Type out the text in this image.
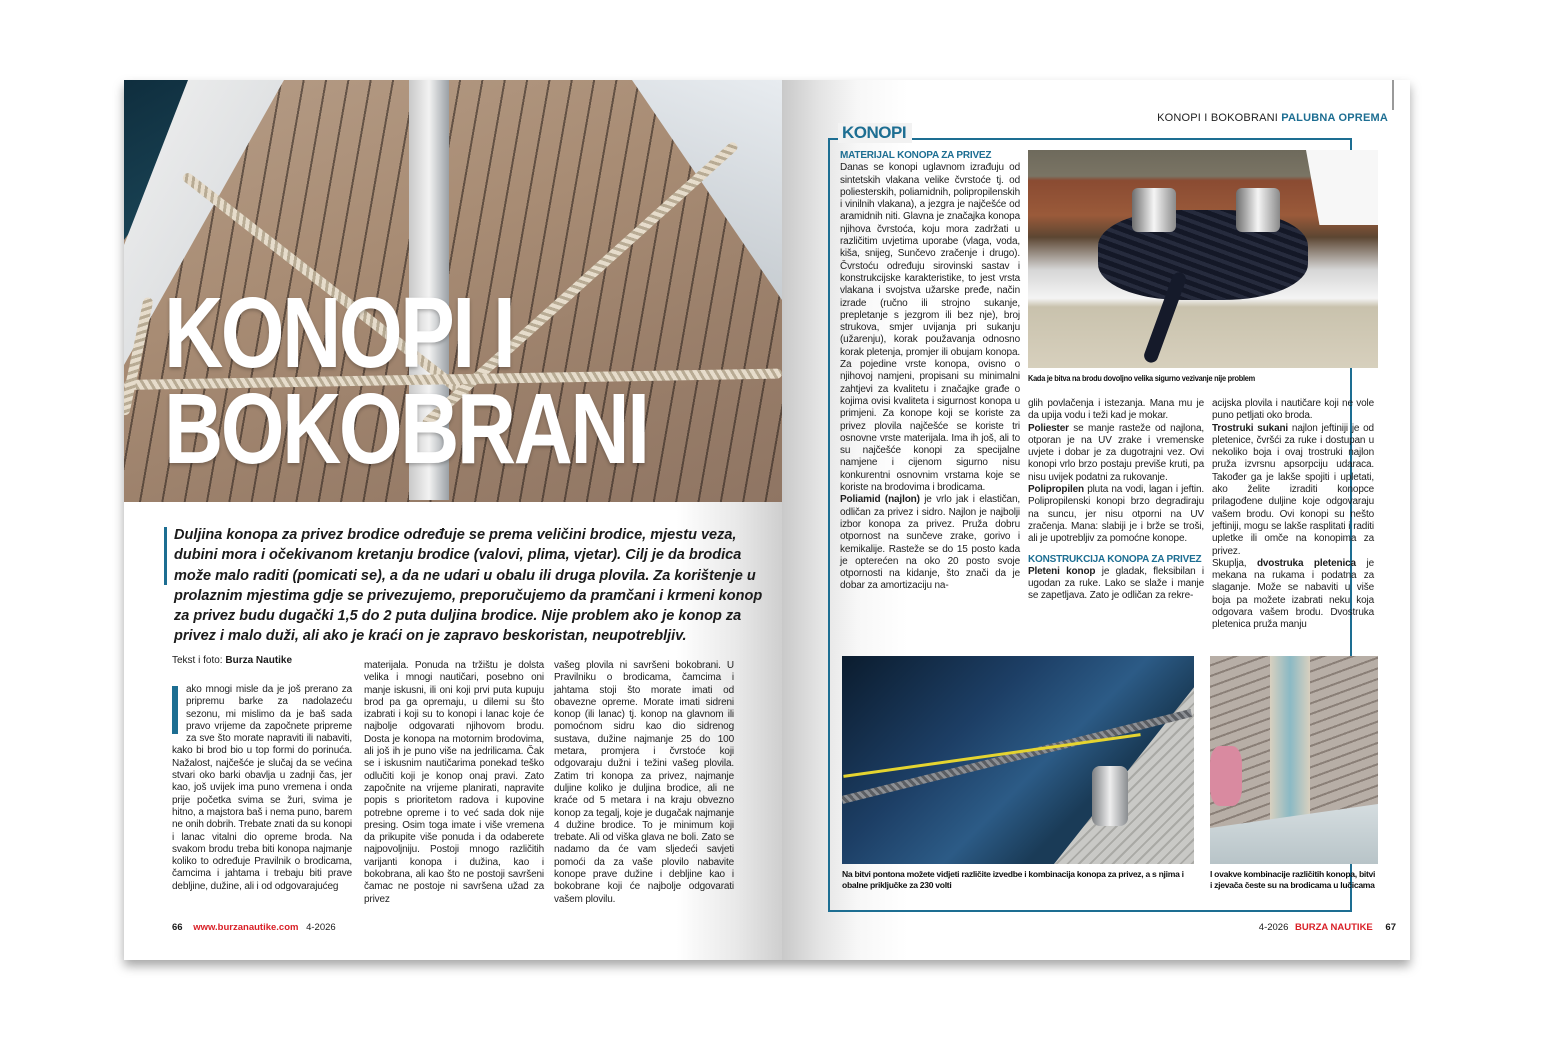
KONOPI I
BOKOBRANI
Duljina konopa za privez brodice određuje se prema veličini brodice, mjestu veza, dubini mora i očekivanom kretanju brodice (valovi, plima, vjetar). Cilj je da brodica može malo raditi (pomicati se), a da ne udari u obalu ili druga plovila. Za korištenje u prolaznim mjestima gdje se privezujemo, preporučujemo da pramčani i krmeni konop za privez budu dugački 1,5 do 2 puta duljina brodice. Nije problem ako je konop za privez i malo duži, ali ako je kraći on je zapravo beskoristan, neupotrebljiv.
Tekst i foto: Burza Nautike

ako mnogi misle da je još prerano za pripremu barke za nadolazeću sezonu, mi mislimo da je baš sada pravo vrijeme da započnete pripreme za sve što morate napraviti ili nabaviti, kako bi brod bio u top formi do porinuća. Nažalost, najčešće je slučaj da se većina stvari oko barki obavlja u zadnji čas, jer kao, još uvijek ima puno vremena i onda prije početka svima se žuri, svima je hitno, a majstora baš i nema puno, barem ne onih dobrih. Trebate znati da su konopi i lanac vitalni dio opreme broda. Na svakom brodu treba biti konopa najmanje koliko to određuje Pravilnik o brodicama, čamcima i jahtama i trebaju biti prave debljine, dužine, ali i od odgovarajućeg

materijala. Ponuda na tržištu je dolsta velika i mnogi nautičari, posebno oni manje iskusni, ili oni koji prvi puta kupuju brod pa ga opremaju, u dilemi su što izabrati i koji su to konopi i lanac koje će najbolje odgovarati njihovom brodu. Dosta je konopa na motornim brodovima, ali još ih je puno više na jedrilicama. Čak se i iskusnim nautičarima ponekad teško odlučiti koji je konop onaj pravi. Zato započnite na vrijeme planirati, napravite popis s prioritetom radova i kupovine potrebne opreme i to već sada dok nije presing. Osim toga imate i više vremena da prikupite više ponuda i da odaberete najpovoljniju. Postoji mnogo različitih varijanti konopa i dužina, kao i bokobrana, ali kao što ne postoji savršeni čamac ne postoje ni savršena užad za privez

vašeg plovila ni savršeni bokobrani. U Pravilniku o brodicama, čamcima i jahtama stoji što morate imati od obavezne opreme. Morate imati sidreni konop (ili lanac) tj. konop na glavnom ili pomoćnom sidru kao dio sidrenog sustava, dužine najmanje 25 do 100 metara, promjera i čvrstoće koji odgovaraju dužni i težini vašeg plovila. Zatim tri konopa za privez, najmanje duljine koliko je duljina brodice, ali ne kraće od 5 metara i na kraju obvezno konop za tegalj, koje je dugačak najmanje 4 dužine brodice. To je minimum koji trebate. Ali od viška glava ne boli. Zato se nadamo da će vam sljedeći savjeti pomoći da za vaše plovilo nabavite konope prave dužine i debljine kao i bokobrane koji će najbolje odgovarati vašem plovilu.

66 www.burzanautike.com 4-2026
KONOPI I BOKOBRANI PALUBNA OPREMA
KONOPI

MATERIJAL KONOPA ZA PRIVEZ

Danas se konopi uglavnom izrađuju od sintetskih vlakana velike čvrstoće tj. od poliesterskih, poliamidnih, polipropilenskih i vinilnih vlakana), a jezgra je najčešće od aramidnih niti. Glavna je značajka konopa njihova čvrstoća, koju mora zadržati u različitim uvjetima uporabe (vlaga, voda, kiša, snijeg, Sunčevo zračenje i drugo). Čvrstoću određuju sirovinski sastav i konstrukcijske karakteristike, to jest vrsta vlakana i svojstva užarske pređe, način izrade (ručno ili strojno sukanje, prepletanje s jezgrom ili bez nje), broj strukova, smjer uvijanja pri sukanju (užarenju), korak použavanja odnosno korak pletenja, promjer ili obujam konopa. Za pojedine vrste konopa, ovisno o njihovoj namjeni, propisani su minimalni zahtjevi za kvalitetu i značajke građe o kojima ovisi kvaliteta i sigurnost konopa u primjeni. Za konope koji se koriste za privez plovila najčešće se koriste tri osnovne vrste materijala. Ima ih još, ali to su najčešće konopi za specijalne namjene i cijenom sigurno nisu konkurentni osnovnim vrstama koje se koriste na brodovima i brodicama.

Poliamid (najlon) je vrlo jak i elastičan, odličan za privez i sidro. Najlon je najbolji izbor konopa za privez. Pruža dobru otpornost na sunčeve zrake, gorivo i kemikalije. Rasteže se do 15 posto kada je opterećen na oko 20 posto svoje otpornosti na kidanje, što znači da je dobar za amortizaciju na-

Kada je bitva na brodu dovoljno velika sigurno vezivanje nije problem

glih povlačenja i istezanja. Mana mu je da upija vodu i teži kad je mokar.

Poliester se manje rasteže od najlona, otporan je na UV zrake i vremenske uvjete i dobar je za dugotrajni vez. Ovi konopi vrlo brzo postaju previše kruti, pa nisu uvijek podatni za rukovanje.

Polipropilen pluta na vodi, lagan i jeftin. Polipropilenski konopi brzo degradiraju na suncu, jer nisu otporni na UV zračenja. Mana: slabiji je i brže se troši, ali je upotrebljiv za pomoćne konope.

KONSTRUKCIJA KONOPA ZA PRIVEZ

Pleteni konop je gladak, fleksibilan i ugodan za ruke. Lako se slaže i manje se zapetljava. Zato je odličan za rekre-

acijska plovila i nautičare koji ne vole puno petljati oko broda.

Trostruki sukani najlon jeftiniji je od pletenice, čvršći za ruke i dostupan u nekoliko boja i ovaj trostruki najlon pruža izvrsnu apsorpciju udaraca. Također ga je lakše spojiti i upletati, ako želite izraditi konopce prilagođene duljine koje odgovaraju vašem brodu. Ovi konopi su nešto jeftiniji, mogu se lakše rasplitati i raditi upletke ili omče na konopima za privez.

Skuplja, dvostruka pletenica je mekana na rukama i podatna za slaganje. Može se nabaviti u više boja pa možete izabrati neku koja odgovara vašem brodu. Dvostruka pletenica pruža manju

Na bitvi pontona možete vidjeti različite izvedbe i kombinacija konopa za privez, a s njima i obalne priključke za 230 volti
I ovakve kombinacije različitih konopa, bitvi i zjevača česte su na brodicama u lučicama
4-2026 BURZA NAUTIKE 67
